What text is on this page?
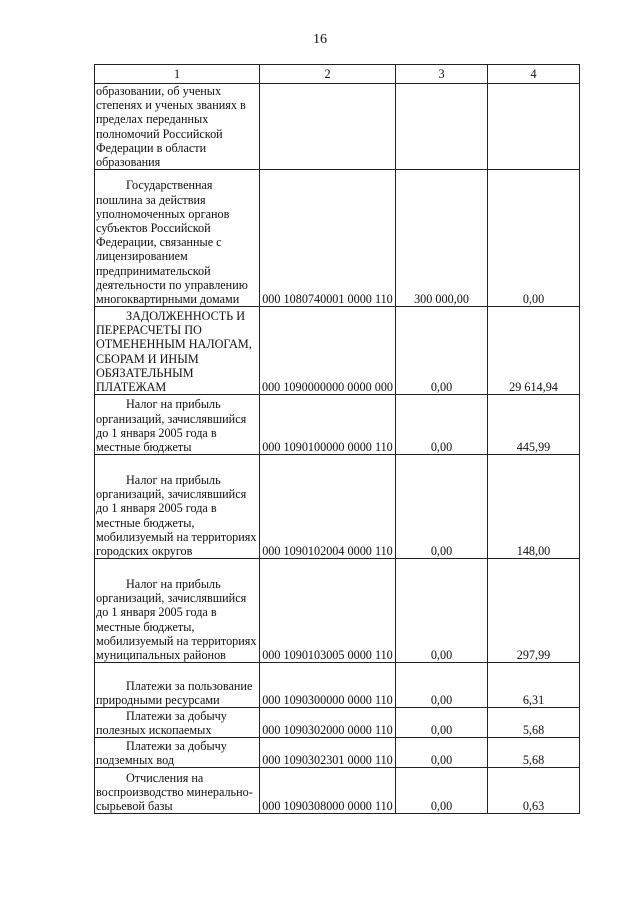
16
1	2	3	4
образовании, об ученых степенях и ученых званиях в пределах переданных полномочий Российской Федерации в области образования			

Государственная пошлина за действия уполномоченных органов субъектов Российской Федерации, связанные с лицензированием предпринимательской деятельности по управлению многоквартирными домами	000 1080740001 0000 110	300 000,00	0,00

ЗАДОЛЖЕННОСТЬ И ПЕРЕРАСЧЕТЫ ПО ОТМЕНЕННЫМ НАЛОГАМ, СБОРАМ И ИНЫМ ОБЯЗАТЕЛЬНЫМ ПЛАТЕЖАМ	000 1090000000 0000 000	0,00	29 614,94

Налог на прибыль организаций, зачислявшийся до 1 января 2005 года в местные бюджеты	000 1090100000 0000 110	0,00	445,99

Налог на прибыль организаций, зачислявшийся до 1 января 2005 года в местные бюджеты, мобилизуемый на территориях городских округов	000 1090102004 0000 110	0,00	148,00

Налог на прибыль организаций, зачислявшийся до 1 января 2005 года в местные бюджеты, мобилизуемый на территориях муниципальных районов	000 1090103005 0000 110	0,00	297,99

Платежи за пользование природными ресурсами	000 1090300000 0000 110	0,00	6,31

Платежи за добычу полезных ископаемых	000 1090302000 0000 110	0,00	5,68

Платежи за добычу подземных вод	000 1090302301 0000 110	0,00	5,68

Отчисления на воспроизводство минерально-сырьевой базы	000 1090308000 0000 110	0,00	0,63
